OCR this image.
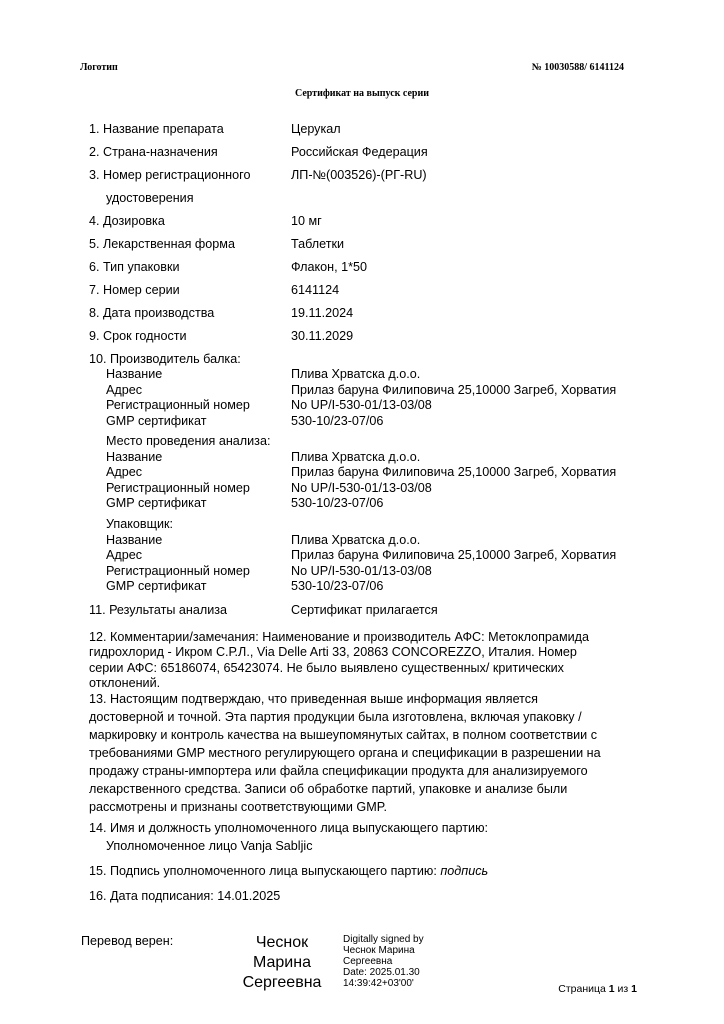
Логотип	№ 10030588/ 6141124
Сертификат на выпуск серии
1. Название препарата	Церукал
2. Страна-назначения	Российская Федерация
3. Номер регистрационного	ЛП-№(003526)-(РГ-RU)
удостоверения
4. Дозировка	10 мг
5. Лекарственная форма	Таблетки
6. Тип упаковки	Флакон, 1*50
7. Номер серии	6141124
8. Дата производства	19.11.2024
9. Срок годности	30.11.2029
10. Производитель балка:
Название	Плива Хрватска д.о.о.
Адрес	Прилаз баруна Филиповича 25,10000 Загреб, Хорватия
Регистрационный номер	No UP/I-530-01/13-03/08
GMP сертификат	530-10/23-07/06
Место проведения анализа:
Название	Плива Хрватска д.о.о.
Адрес	Прилаз баруна Филиповича 25,10000 Загреб, Хорватия
Регистрационный номер	No UP/I-530-01/13-03/08
GMP сертификат	530-10/23-07/06
Упаковщик:
Название	Плива Хрватска д.о.о.
Адрес	Прилаз баруна Филиповича 25,10000 Загреб, Хорватия
Регистрационный номер	No UP/I-530-01/13-03/08
GMP сертификат	530-10/23-07/06
11. Результаты анализа	Сертификат прилагается
12. Комментарии/замечания: Наименование и производитель АФС: Метоклопрамида
гидрохлорид - Икром С.Р.Л., Via Delle Arti 33, 20863 CONCOREZZO, Италия. Номер
серии АФС: 65186074, 65423074. Не было выявлено существенных/ критических
отклонений.
13. Настоящим подтверждаю, что приведенная выше информация является
достоверной и точной. Эта партия продукции была изготовлена, включая упаковку /
маркировку и контроль качества на вышеупомянутых сайтах, в полном соответствии с
требованиями GMP местного регулирующего органа и спецификации в разрешении на
продажу страны-импортера или файла спецификации продукта для анализируемого
лекарственного средства. Записи об обработке партий, упаковке и анализе были
рассмотрены и признаны соответствующими GMP.
14. Имя и должность уполномоченного лица выпускающего партию:
Уполномоченное лицо Vanja Sabljic
15. Подпись уполномоченного лица выпускающего партию: подпись
16. Дата подписания: 14.01.2025
Перевод верен:	Чеснок
Марина
Сергеевна
Digitally signed by
Чеснок Марина
Сергеевна
Date: 2025.01.30
14:39:42+03'00'	Страница 1 из 1
